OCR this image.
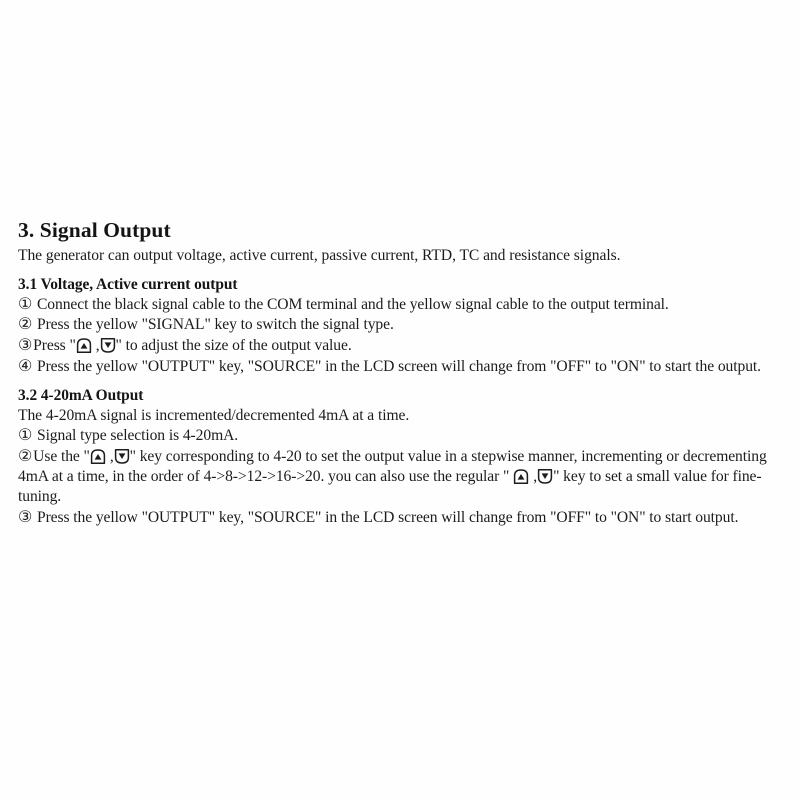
3. Signal Output

The generator can output voltage, active current, passive current, RTD, TC and resistance signals.

3.1 Voltage, Active current output

① Connect the black signal cable to the COM terminal and the yellow signal cable to the output terminal.

② Press the yellow "SIGNAL" key to switch the signal type.

③Press " , " to adjust the size of the output value.

④ Press the yellow "OUTPUT" key, "SOURCE" in the LCD screen will change from "OFF" to "ON" to start the output.

3.2 4-20mA Output

The 4-20mA signal is incremented/decremented 4mA at a time.

① Signal type selection is 4-20mA.

②Use the " , " key corresponding to 4-20 to set the output value in a stepwise manner, incrementing or decrementing 4mA at a time, in the order of 4->8->12->16->20. you can also use the regular " , " key to set a small value for fine-tuning.

③ Press the yellow "OUTPUT" key, "SOURCE" in the LCD screen will change from "OFF" to "ON" to start output.
